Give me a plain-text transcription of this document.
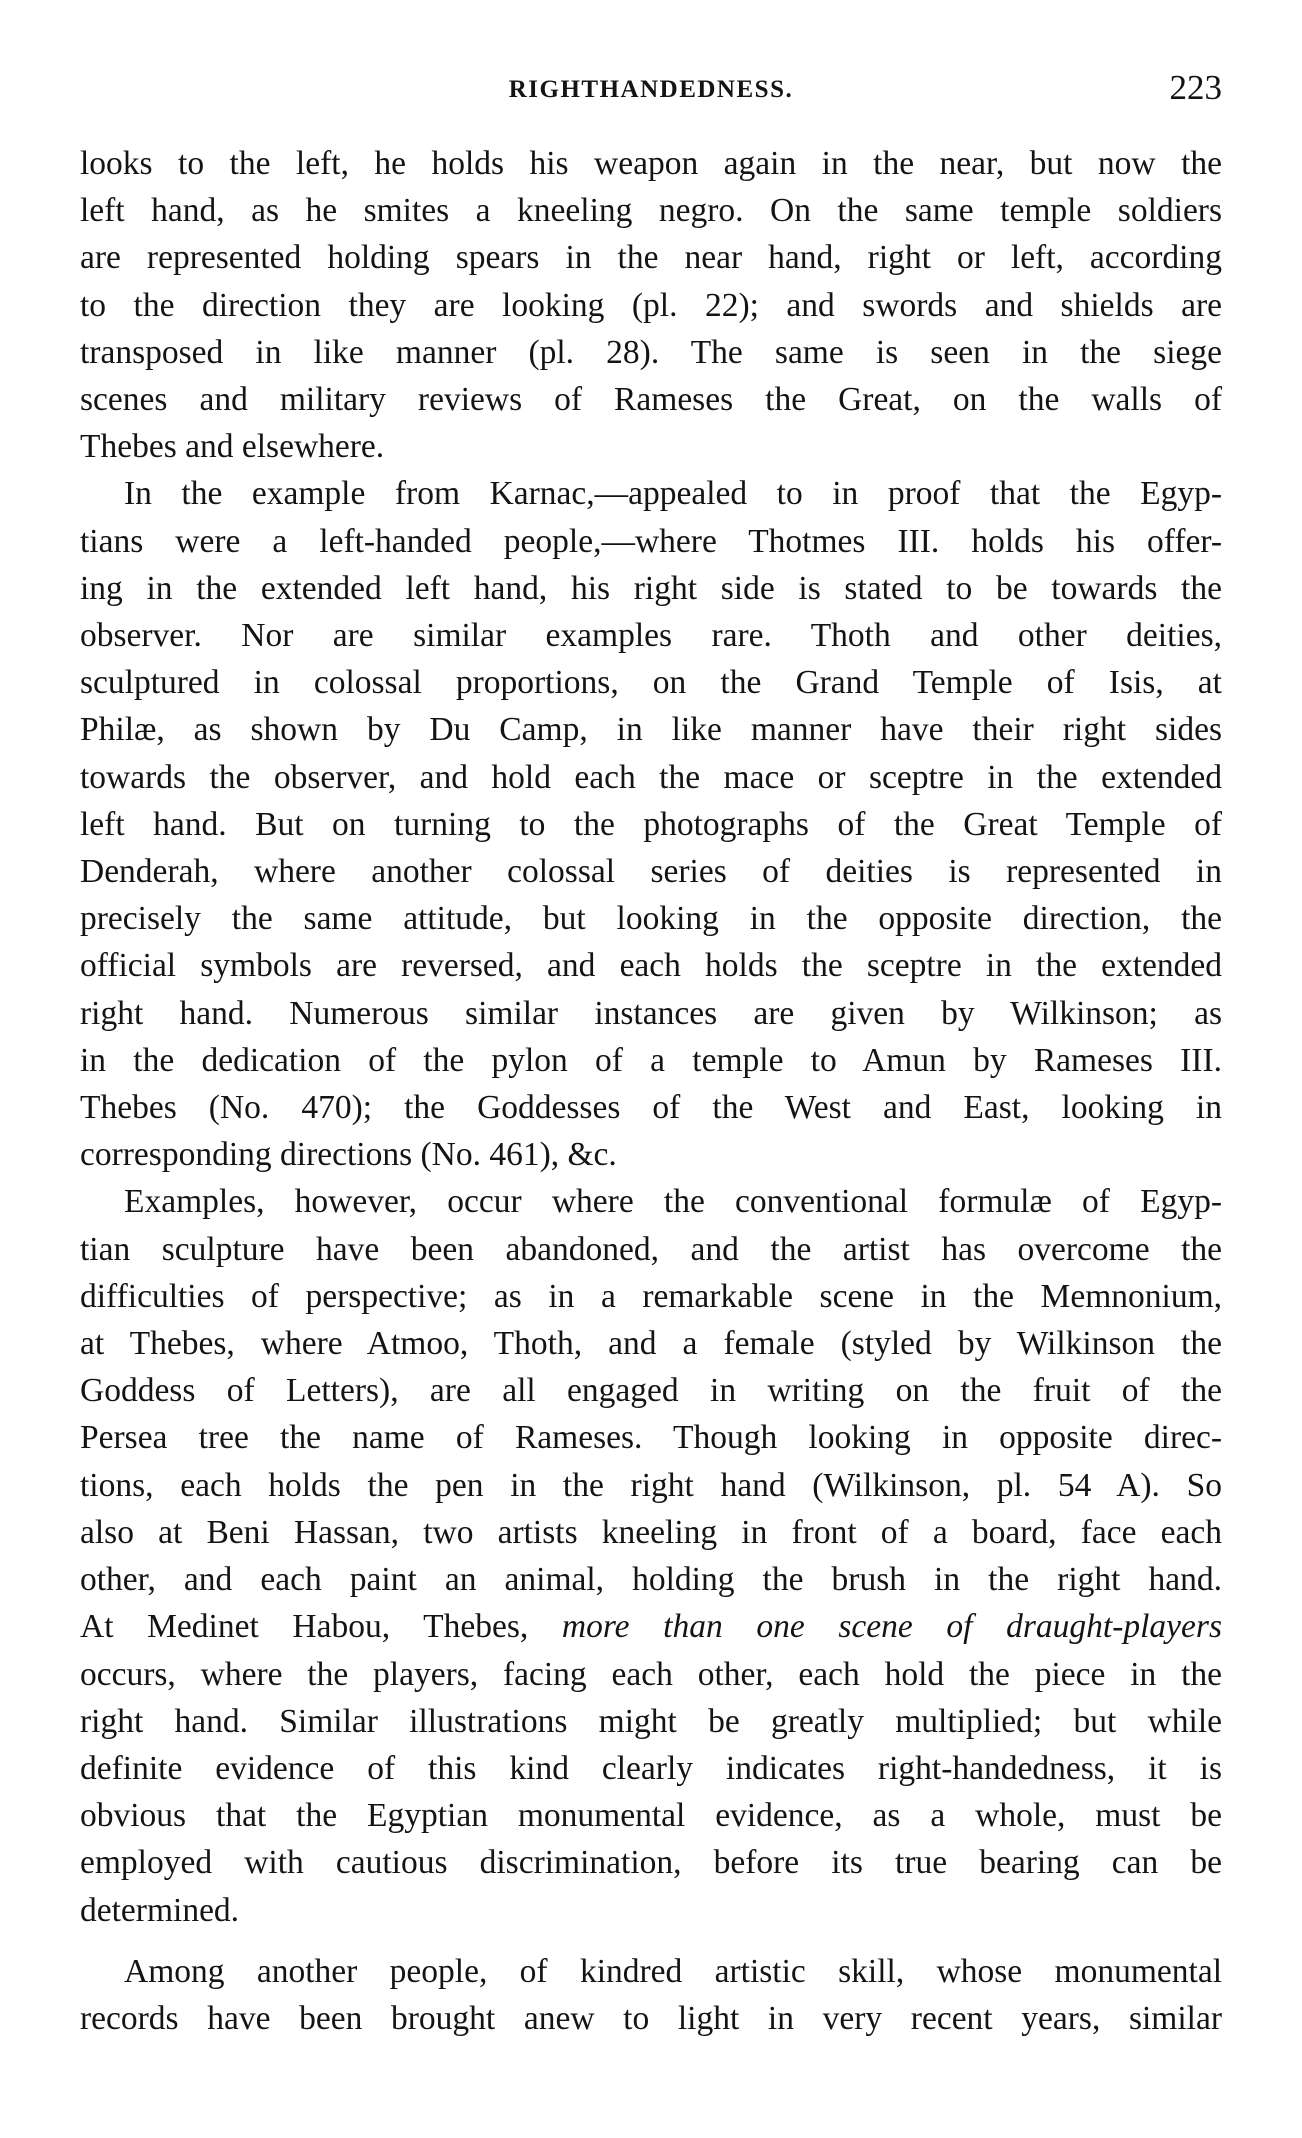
RIGHTHANDEDNESS.	223

looks to the left, he holds his weapon again in the near, but now the

left hand, as he smites a kneeling negro. On the same temple soldiers

are represented holding spears in the near hand, right or left, according

to the direction they are looking (pl. 22); and swords and shields are

transposed in like manner (pl. 28). The same is seen in the siege

scenes and military reviews of Rameses the Great, on the walls of

Thebes and elsewhere.

In the example from Karnac,—appealed to in proof that the Egyp-

tians were a left-handed people,—where Thotmes III. holds his offer-

ing in the extended left hand, his right side is stated to be towards the

observer. Nor are similar examples rare. Thoth and other deities,

sculptured in colossal proportions, on the Grand Temple of Isis, at

Philæ, as shown by Du Camp, in like manner have their right sides

towards the observer, and hold each the mace or sceptre in the extended

left hand. But on turning to the photographs of the Great Temple of

Denderah, where another colossal series of deities is represented in

precisely the same attitude, but looking in the opposite direction, the

official symbols are reversed, and each holds the sceptre in the extended

right hand. Numerous similar instances are given by Wilkinson; as

in the dedication of the pylon of a temple to Amun by Rameses III.

Thebes (No. 470); the Goddesses of the West and East, looking in

corresponding directions (No. 461), &c.

Examples, however, occur where the conventional formulæ of Egyp-

tian sculpture have been abandoned, and the artist has overcome the

difficulties of perspective; as in a remarkable scene in the Memnonium,

at Thebes, where Atmoo, Thoth, and a female (styled by Wilkinson the

Goddess of Letters), are all engaged in writing on the fruit of the

Persea tree the name of Rameses. Though looking in opposite direc-

tions, each holds the pen in the right hand (Wilkinson, pl. 54 A). So

also at Beni Hassan, two artists kneeling in front of a board, face each

other, and each paint an animal, holding the brush in the right hand.

At Medinet Habou, Thebes, more than one scene of draught-players

occurs, where the players, facing each other, each hold the piece in the

right hand. Similar illustrations might be greatly multiplied; but while

definite evidence of this kind clearly indicates right-handedness, it is

obvious that the Egyptian monumental evidence, as a whole, must be

employed with cautious discrimination, before its true bearing can be

determined.

Among another people, of kindred artistic skill, whose monumental

records have been brought anew to light in very recent years, similar
